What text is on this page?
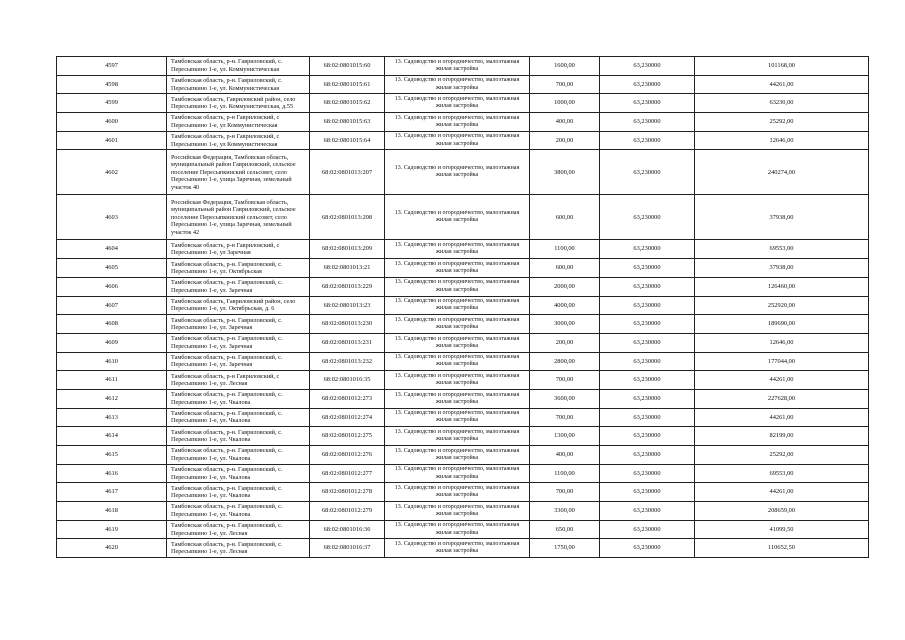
4597	Тамбовская область, р-н. Гавриловский, с. Пересыпкино 1-е, ул. Коммунистическая	68:02:0801015:60	13. Садоводство и огородничество, малоэтажная жилая застройка	1600,00	63,230000	101168,00
4598	Тамбовская область, р-н. Гавриловский, с. Пересыпкино 1-е, ул. Коммунистическая	68:02:0801015:61	13. Садоводство и огородничество, малоэтажная жилая застройка	700,00	63,230000	44261,00
4599	Тамбовская область, Гавриловский район, село Пересыпкино 1-е, ул. Коммунистическая, д.55	68:02:0801015:62	13. Садоводство и огородничество, малоэтажная жилая застройка	1000,00	63,230000	63230,00
4600	Тамбовская область, р-н Гавриловский, с Пересыпкино 1-е, ул Коммунистическая	68:02:0801015:63	13. Садоводство и огородничество, малоэтажная жилая застройка	400,00	63,230000	25292,00
4601	Тамбовская область, р-н Гавриловский, с Пересыпкино 1-е, ул Коммунистическая	68:02:0801015:64	13. Садоводство и огородничество, малоэтажная жилая застройка	200,00	63,230000	12646,00
4602	Российская Федерация, Тамбовская область, муниципальный район Гавриловский, сельское поселение Пересыпкинский сельсовет, село Пересыпкино 1-е, улица Заречная, земельный участок 40	68:02:0801013:207	13. Садоводство и огородничество, малоэтажная жилая застройка	3800,00	63,230000	240274,00
4603	Российская Федерация, Тамбовская область, муниципальный район Гавриловский, сельское поселение Пересыпкинский сельсовет, село Пересыпкино 1-е, улица Заречная, земельный участок 42	68:02:0801013:208	13. Садоводство и огородничество, малоэтажная жилая застройка	600,00	63,230000	37938,00
4604	Тамбовская область, р-н Гавриловский, с Пересыпкино 1-е, ул Заречная	68:02:0801013:209	13. Садоводство и огородничество, малоэтажная жилая застройка	1100,00	63,230000	69553,00
4605	Тамбовская область, р-н. Гавриловский, с. Пересыпкино 1-е, ул. Октябрьская	68:02:0801013:21	13. Садоводство и огородничество, малоэтажная жилая застройка	600,00	63,230000	37938,00
4606	Тамбовская область, р-н. Гавриловский, с. Пересыпкино 1-е, ул. Заречная	68:02:0801013:229	13. Садоводство и огородничество, малоэтажная жилая застройка	2000,00	63,230000	126460,00
4607	Тамбовская область, Гавриловский район, село Пересыпкино 1-е, ул. Октябрьская, д. 6	68:02:0801013:23	13. Садоводство и огородничество, малоэтажная жилая застройка	4000,00	63,230000	252920,00
4608	Тамбовская область, р-н. Гавриловский, с. Пересыпкино 1-е, ул. Заречная	68:02:0801013:230	13. Садоводство и огородничество, малоэтажная жилая застройка	3000,00	63,230000	189690,00
4609	Тамбовская область, р-н. Гавриловский, с. Пересыпкино 1-е, ул. Заречная	68:02:0801013:231	13. Садоводство и огородничество, малоэтажная жилая застройка	200,00	63,230000	12646,00
4610	Тамбовская область, р-н. Гавриловский, с. Пересыпкино 1-е, ул. Заречная	68:02:0801013:232	13. Садоводство и огородничество, малоэтажная жилая застройка	2800,00	63,230000	177044,00
4611	Тамбовская область, р-н Гавриловский, с Пересыпкино 1-е, ул. Лесная	68:02:0801016:35	13. Садоводство и огородничество, малоэтажная жилая застройка	700,00	63,230000	44261,00
4612	Тамбовская область, р-н. Гавриловский, с. Пересыпкино 1-е, ул. Чкалова	68:02:0801012:273	13. Садоводство и огородничество, малоэтажная жилая застройка	3600,00	63,230000	227628,00
4613	Тамбовская область, р-н. Гавриловский, с. Пересыпкино 1-е, ул. Чкалова	68:02:0801012:274	13. Садоводство и огородничество, малоэтажная жилая застройка	700,00	63,230000	44261,00
4614	Тамбовская область, р-н. Гавриловский, с. Пересыпкино 1-е, ул. Чкалова	68:02:0801012:275	13. Садоводство и огородничество, малоэтажная жилая застройка	1300,00	63,230000	82199,00
4615	Тамбовская область, р-н. Гавриловский, с. Пересыпкино 1-е, ул. Чкалова	68:02:0801012:276	13. Садоводство и огородничество, малоэтажная жилая застройка	400,00	63,230000	25292,00
4616	Тамбовская область, р-н. Гавриловский, с. Пересыпкино 1-е, ул. Чкалова	68:02:0801012:277	13. Садоводство и огородничество, малоэтажная жилая застройка	1100,00	63,230000	69553,00
4617	Тамбовская область, р-н. Гавриловский, с. Пересыпкино 1-е, ул. Чкалова	68:02:0801012:278	13. Садоводство и огородничество, малоэтажная жилая застройка	700,00	63,230000	44261,00
4618	Тамбовская область, р-н. Гавриловский, с. Пересыпкино 1-е, ул. Чкалова	68:02:0801012:279	13. Садоводство и огородничество, малоэтажная жилая застройка	3300,00	63,230000	208659,00
4619	Тамбовская область, р-н. Гавриловский, с. Пересыпкино 1-е, ул. Лесная	68:02:0801016:36	13. Садоводство и огородничество, малоэтажная жилая застройка	650,00	63,230000	41099,50
4620	Тамбовская область, р-н. Гавриловский, с. Пересыпкино 1-е, ул. Лесная	68:02:0801016:37	13. Садоводство и огородничество, малоэтажная жилая застройка	1750,00	63,230000	110652,50
